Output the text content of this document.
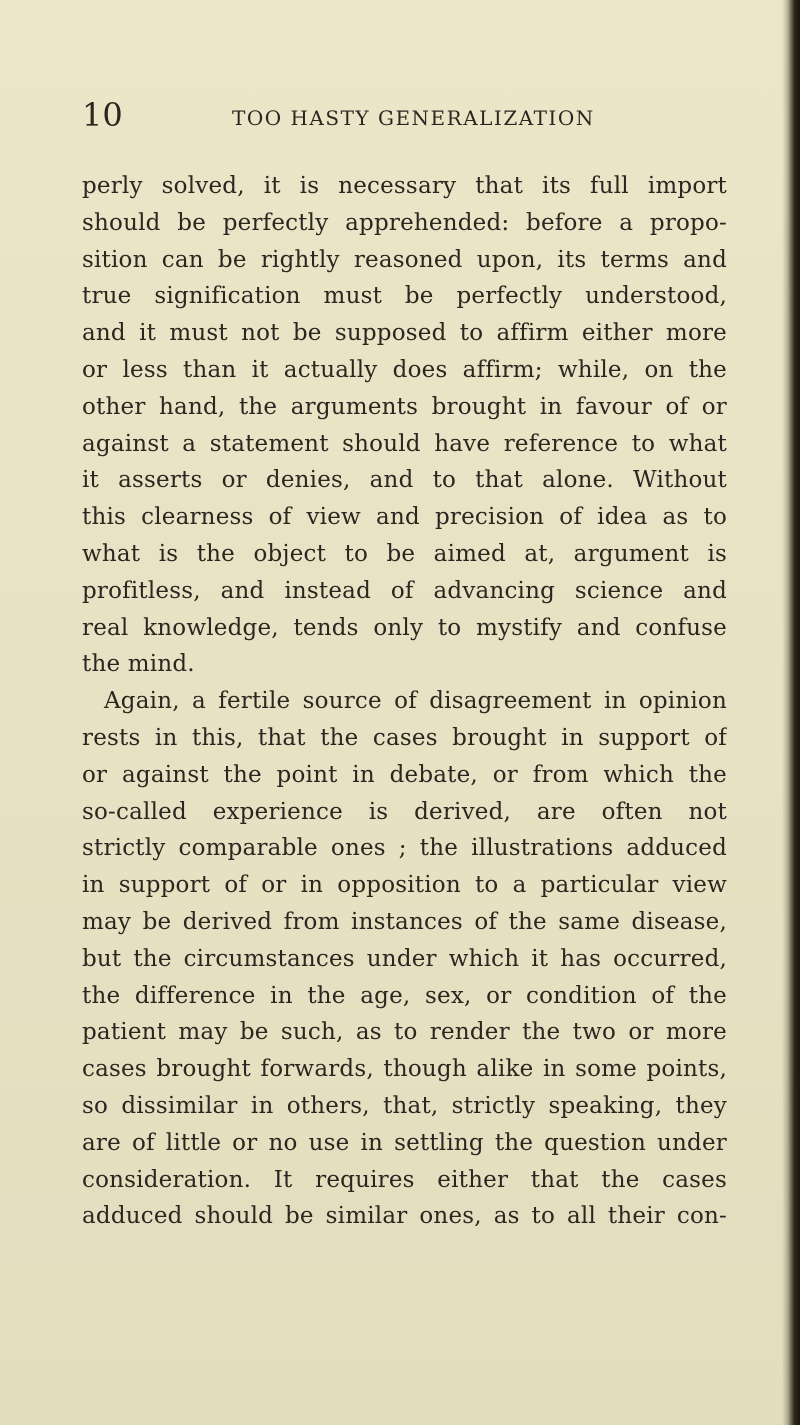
10	TOO HASTY GENERALIZATION
perly solved, it is necessary that its full import
should be perfectly apprehended: before a propo-
sition can be rightly reasoned upon, its terms and
true signification must be perfectly understood,
and it must not be supposed to affirm either more
or less than it actually does affirm; while, on the
other hand, the arguments brought in favour of or
against a statement should have reference to what
it asserts or denies, and to that alone. Without
this clearness of view and precision of idea as to
what is the object to be aimed at, argument is
profitless, and instead of advancing science and
real knowledge, tends only to mystify and confuse
the mind.
Again, a fertile source of disagreement in opinion
rests in this, that the cases brought in support of
or against the point in debate, or from which the
so-called experience is derived, are often not
strictly comparable ones ; the illustrations adduced
in support of or in opposition to a particular view
may be derived from instances of the same disease,
but the circumstances under which it has occurred,
the difference in the age, sex, or condition of the
patient may be such, as to render the two or more
cases brought forwards, though alike in some points,
so dissimilar in others, that, strictly speaking, they
are of little or no use in settling the question under
consideration. It requires either that the cases
adduced should be similar ones, as to all their con-
